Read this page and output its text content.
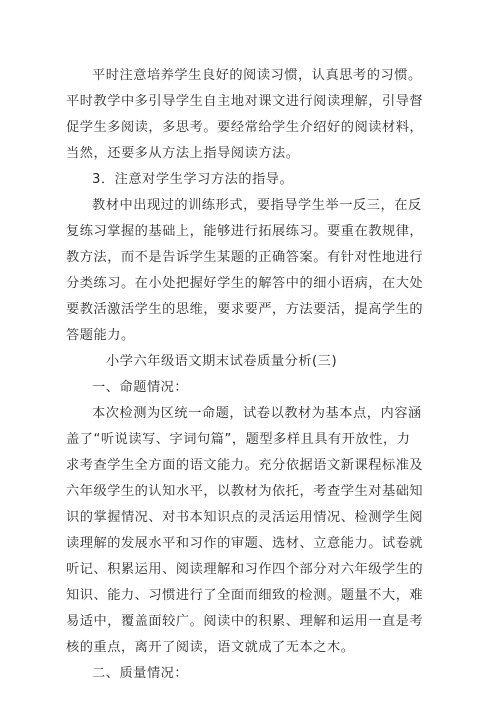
平时注意培养学生良好的阅读习惯，认真思考的习惯。
平时教学中多引导学生自主地对课文进行阅读理解，引导督
促学生多阅读，多思考。要经常给学生介绍好的阅读材料，
当然，还要多从方法上指导阅读方法。
3．注意对学生学习方法的指导。
教材中出现过的训练形式，要指导学生举一反三，在反
复练习掌握的基础上，能够进行拓展练习。要重在教规律，
教方法，而不是告诉学生某题的正确答案。有针对性地进行
分类练习。在小处把握好学生的解答中的细小语病，在大处
要教活激活学生的思维，要求要严，方法要活，提高学生的
答题能力。
小学六年级语文期末试卷质量分析(三)
一、命题情况：
本次检测为区统一命题，试卷以教材为基本点，内容涵
盖了“听说读写、字词句篇”，题型多样且具有开放性，力
求考查学生全方面的语文能力。充分依据语文新课程标准及
六年级学生的认知水平，以教材为依托，考查学生对基础知
识的掌握情况、对书本知识点的灵活运用情况、检测学生阅
读理解的发展水平和习作的审题、选材、立意能力。试卷就
听记、积累运用、阅读理解和习作四个部分对六年级学生的
知识、能力、习惯进行了全面而细致的检测。题量不大，难
易适中，覆盖面较广。阅读中的积累、理解和运用一直是考
核的重点，离开了阅读，语文就成了无本之木。
二、质量情况：
